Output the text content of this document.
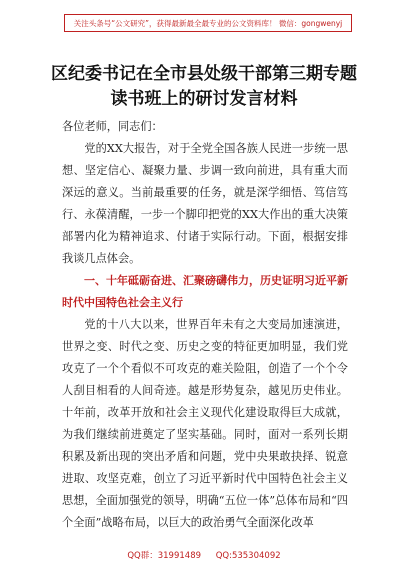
关注头条号“公文研究”，获得最新最全最专业的公文资料库！ 微信：gongwenyj
区纪委书记在全市县处级干部第三期专题
读书班上的研讨发言材料

各位老师，同志们：

党的XX大报告，对于全党全国各族人民进一步统一思想、坚定信心、凝聚力量、步调一致向前进，具有重大而深远的意义。当前最重要的任务，就是深学细悟、笃信笃行、永葆清醒，一步一个脚印把党的XX大作出的重大决策部署内化为精神追求、付诸于实际行动。下面，根据安排我谈几点体会。

一、十年砥砺奋进、汇聚磅礴伟力，历史证明习近平新时代中国特色社会主义行

党的十八大以来，世界百年未有之大变局加速演进，世界之变、时代之变、历史之变的特征更加明显，我们党攻克了一个个看似不可攻克的难关险阻，创造了一个个令人刮目相看的人间奇迹。越是形势复杂，越见历史伟业。十年前，改革开放和社会主义现代化建设取得巨大成就，为我们继续前进奠定了坚实基础。同时，面对一系列长期积累及新出现的突出矛盾和问题，党中央果敢抉择、锐意进取、攻坚克难，创立了习近平新时代中国特色社会主义思想，全面加强党的领导，明确“五位一体”总体布局和“四个全面”战略布局，以巨大的政治勇气全面深化改革

QQ群：31991489 QQ:535304092
